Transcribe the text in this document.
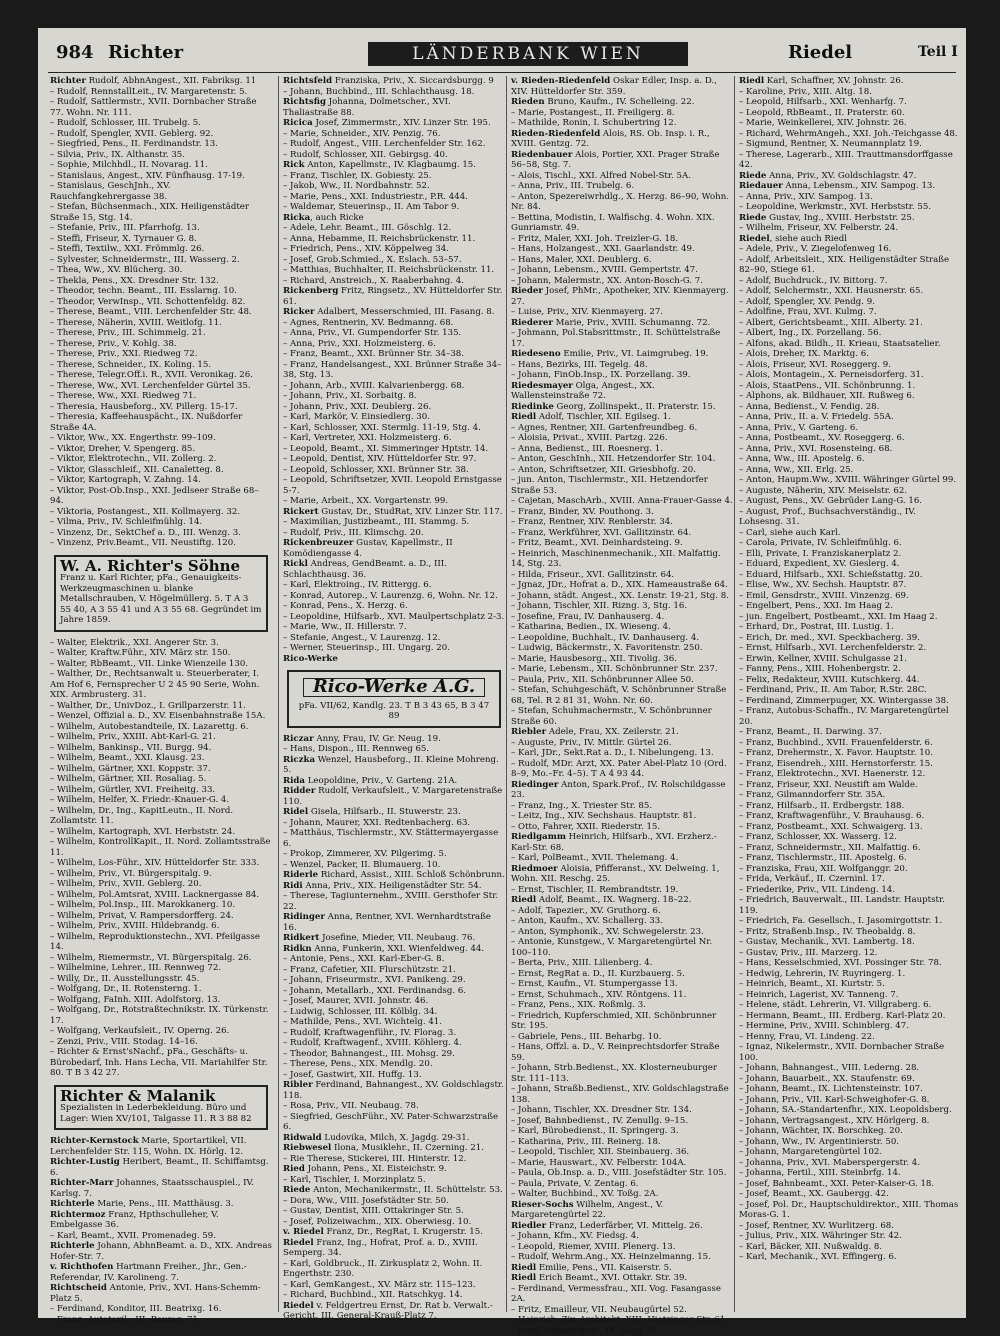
984 Richter	LÄNDERBANK WIEN	Riedel	Teil I

Richter Rudolf, AbhnAngest., XII. Fabriksg. 11

– Rudolf, RennstallLeit., IV. Margaretenstr. 5.

– Rudolf, Sattlermstr., XVII. Dornbacher Straße 77. Wohn. Nr. 111.

– Rudolf, Schlosser, III. Trubelg. 5.

– Rudolf, Spengler, XVII. Geblerg. 92.

– Siegfried, Pens., II. Ferdinandstr. 13.

– Silvia, Priv., IX. Althanstr. 35.

– Sophie, Milchhdl., II. Novarag. 11.

– Stanislaus, Angest., XIV. Fünfhausg. 17-19.

– Stanislaus, GeschJnh., XV. Rauchfangkehrergasse 38.

– Stefan, Büchsenmach., XIX. Heiligenstädter Straße 15, Stg. 14.

– Stefanie, Priv., III. Pfarrhofg. 13.

– Steffi, Friseur, X. Tyrnauer G. 8.

– Steffi, Textilw., XXI. Frömmlg. 26.

– Sylvester, Schneidermstr., III. Wasserg. 2.

– Thea, Ww., XV. Blücherg. 30.

– Thekla, Pens., XX. Dresdner Str. 132.

– Theodor, techn. Beamt., III. Esslarng. 10.

– Theodor, VerwInsp., VII. Schottenfeldg. 82.

– Therese, Beamt., VIII. Lerchenfelder Str. 48.

– Therese, Näherin, XVIII. Weitlofg. 11.

– Therese, Priv., III. Schimmelg. 21.

– Therese, Priv., V. Kohlg. 38.

– Therese, Priv., XXI. Riedweg 72.

– Therese, Schneider., IX. Koling. 15.

– Therese, Telegr.Off.i. R., XVII. Veronikag. 26.

– Therese, Ww., XVI. Lerchenfelder Gürtel 35.

– Therese, Ww., XXI. Riedweg 71.

– Theresia, Hausbeforg., XV. Pillerg. 15-17.

– Theresia, Kaffeehauspächt., IX. Nußdorfer Straße 4A.

– Viktor, Ww., XX. Engerthstr. 99–109.

– Viktor, Dreher, V. Spengerg. 85.

– Viktor, Elektrotechn., VII. Zollerg. 2.

– Viktor, Glasschleif., XII. Canaletteg. 8.

– Viktor, Kartograph, V. Zahng. 14.

– Viktor, Post-Ob.Insp., XXI. Jedlseer Straße 68–94.

– Viktoria, Postangest., XII. Kollmayerg. 32.

– Vilma, Priv., IV. Schleifmühlg. 14.

– Vinzenz, Dr., SektChef a. D., III. Wenzg. 3.

– Vinzenz, Priv.Beamt., VII. Neustiftg. 120.

W. A. Richter's Söhne
Franz u. Karl Richter, pFa., Genauigkeits-Werkzeugmaschinen u. blanke Metallschrauben, V. Högelmüllerg. 5. T A 3 55 40, A 3 55 41 und A 3 55 68. Gegründet im Jahre 1859.

– Walter, Elektrik., XXI. Angerer Str. 3.

– Walter, Kraftw.Führ., XIV. März str. 150.

– Walter, RbBeamt., VII. Linke Wienzeile 130.

– Walther, Dr., Rechtsanwalt u. Steuerberater, I. Am Hof 6, Fernsprecher U 2 45 90 Serie, Wohn. XIX. Armbrusterg. 31.

– Walther, Dr., UnivDoz., I. Grillparzerstr. 11.

– Wenzel, Offizial a. D., XV. Eisenbahnstraße 15A.

– Wilhelm, Autobestandteile, IX. Lazarettg. 6.

– Wilhelm, Priv., XXIII. Abt-Karl-G. 21.

– Wilhelm, Bankinsp., VII. Burgg. 94.

– Wilhelm, Beamt., XXI. Klausg. 23.

– Wilhelm, Gärtner, XXI. Koppstr. 37.

– Wilhelm, Gärtner, XII. Rosaliag. 5.

– Wilhelm, Gürtler, XVI. Freiheitg. 33.

– Wilhelm, Helfer, X. Friedr.-Knauer-G. 4.

– Wilhelm, Dr., Ing., KapitLeutn., II. Nord. Zollamtstr. 11.

– Wilhelm, Kartograph, XVI. Herbststr. 24.

– Wilhelm, KontrollKapit., II. Nord. Zollamtsstraße 11.

– Wilhelm, Los-Führ., XIV. Hütteldorfer Str. 333.

– Wilhelm, Priv., VI. Bürgerspitalg. 9.

– Wilhelm, Priv., XVII. Geblerg. 20.

– Wilhelm, Pol.Amtsrat, XVIII. Lacknergasse 84.

– Wilhelm, Pol.Insp., III. Marokkanerg. 10.

– Wilhelm, Privat, V. Rampersdorfferg. 24.

– Wilhelm, Priv., XVIII. Hildebrandg. 6.

– Wilhelm, Reproduktionstechn., XVI. Pfeilgasse 14.

– Wilhelm, Riemermstr., VI. Bürgerspitalg. 26.

– Wilhelmine, Lehrer., III. Rennweg 72.

– Willy, Dr., II. Ausstellungsstr. 45.

– Wolfgang, Dr., II. Rotensterng. 1.

– Wolfgang, FaInh. XIII. Adolfstorg. 13.

– Wolfgang, Dr., Rotstraßtechnikstr. IX. Türkenstr. 17.

– Wolfgang, Verkaufsleit., IV. Operng. 26.

– Zenzi, Priv., VIII. Stodag. 14–16.

– Richter & Ernst'sNachf., pFa., Geschäfts- u. Bürobedarf, Inh. Hans Lecha, VII. Mariahilfer Str. 80. T B 3 42 27.

Richter & Malanik
Spezialisten in Lederbekleidung. Büro und Lager: Wien XV/101, Talgasse 11. R 3 88 82

Richter-Kernstock Marie, Sportartikel, VII. Lerchenfelder Str. 115, Wohn. IX. Hörlg. 12.

Richter-Lustig Heribert, Beamt., II. Schiffamtsg. 6.

Richter-Marr Johannes, Staatsschauspiel., IV. Karlsg. 7.

Richterle Marie, Pens., III. Matthäusg. 3.

Richtermoz Franz, Hpthschulleher, V. Embelgasse 36.

– Karl, Beamt., XVII. Promenadeg. 59.

Richterle Johann, AbhnBeamt. a. D., XIX. Andreas Hofer-Str. 7.

v. Richthofen Hartmann Freiher., Jhr., Gen.-Referendar, IV. Karolineng. 7.

Richtscheid Antonie, Priv., XVI. Hans-Schemm-Platz 5.

– Ferdinand, Konditor, III. Beatrixg. 16.

– Franz, Autotaxil., III. Baumg. 71.

Richtsfeld Franziska, Priv., X. Siccardsburgg. 9

– Johann, Buchbind., III. Schlachthausg. 18.

Richtsfig Johanna, Dolmetscher., XVI. Thaliastraße 88.

Ricica Josef, Zimmermstr., XIV. Linzer Str. 195.

– Marie, Schneider., XIV. Penzig. 76.

– Rudolf, Angest., VIII. Lerchenfelder Str. 162.

– Rudolf, Schlosser, XII. Gebirgsg. 40.

Rick Anton, Kapellmstr., IV. Klagbaumg. 15.

– Franz, Tischler, IX. Gobiesty. 25.

– Jakob, Ww., II. Nordbahnstr. 52.

– Marie, Pens., XXI. Industriestr., P.R. 444.

– Waldemar, Steuerinsp., II. Am Tabor 9.

Ricka, auch Ricke

– Adele, Lehr. Beamt., III. Göschlg. 12.

– Anna, Hebamme, II. Reichsbrückenstr. 11.

– Friedrich, Pens., XIV. Köppelweg 34.

– Josef, Grob.Schmied., X. Eslach. 53–57.

– Matthias, Buchhalter, II. Reichsbrückenstr. 11.

– Richard, Anstreich., X. Raaberbahng. 4.

Rickenberg Fritz, Ringsetz., XV. Hütteldorfer Str. 61.

Ricker Adalbert, Messerschmied, III. Fasang. 8.

– Agnes, Rentnerin, XV. Bedmanng. 68.

– Anna, Priv., VI. Gumpendorfer Str. 135.

– Anna, Priv., XXI. Holzmeisterg. 6.

– Franz, Beamt., XXI. Brünner Str. 34–38.

– Franz, Handelsangest., XXI. Brünner Straße 34–38, Stg. 13.

– Johann, Arb., XVIII. Kalvarienbergg. 68.

– Johann, Priv., XI. Sorbaitg. 8.

– Johann, Priv., XXI. Deublerg. 26.

– Karl, Markör, V. Einsiedlerg. 30.

– Karl, Schlosser, XXI. Stermlg. 11-19, Stg. 4.

– Karl, Vertreter, XXI. Holzmeisterg. 6.

– Leopold, Beamt., XI. Simmeringer Hptstr. 14.

– Leopold, Dentist, XIV. Hütteldorfer Str. 97.

– Leopold, Schlosser, XXI. Brünner Str. 38.

– Leopold, Schriftsetzer, XVII. Leopold Ernstgasse 5-7.

– Marie, Arbeit., XX. Vorgartenstr. 99.

Rickert Gustav, Dr., StudRat, XIV. Linzer Str. 117.

– Maximilian, Justizbeamt., III. Stammg. 5.

– Rudolf, Priv., III. Klimschg. 20.

Rickenbreuzer Gustav, Kapellmstr., II Komödiengasse 4.

Rickl Andreas, GendBeamt. a. D., III. Schlachthausg. 36.

– Karl, Elektroing., IV. Rittergg. 6.

– Konrad, Autorep., V. Laurenzg. 6, Wohn. Nr. 12.

– Konrad, Pens., X. Herzg. 6.

– Leopoldine, Hilfsarb., XVI. Maulpertschplatz 2-3.

– Marie, Ww., II. Hillerstr. 7.

– Stefanie, Angest., V. Laurenzg. 12.

– Werner, Steuerinsp., III. Ungarg. 20.

Rico-Werke

Rico-Werke A.G.
pFa. VII/62, Kandlg. 23. T B 3 43 65, B 3 47 89

Riczar Anny, Frau, IV. Gr. Neug. 19.

– Hans, Dispon., III. Rennweg 65.

Riczka Wenzel, Hausbeforg., II. Kleine Mohreng. 5.

Rida Leopoldine, Priv., V. Garteng. 21A.

Ridder Rudolf, Verkaufsleit., V. Margaretenstraße 110.

Ridel Gisela, Hilfsarb., II. Stuwerstr. 23.

– Johann, Maurer, XXI. Redtenbacherg. 63.

– Matthäus, Tischlermstr., XV. Stättermayergasse 6.

– Prokop, Zimmerer, XV. Pilgerimg. 5.

– Wenzel, Packer, II. Blumauerg. 10.

Riderle Richard, Assist., XIII. Schloß Schönbrunn.

Ridi Anna, Priv., XIX. Heiligenstädter Str. 54.

– Therese, Tagiunternehm., XVIII. Gersthofer Str. 22.

Ridinger Anna, Rentner, XVI. Wernhardtstraße 16.

Ridkert Josefine, Mieder, VII. Neubaug. 76.

Ridkn Anna, Funkerin, XXI. Wienfeldweg. 44.

– Antonie, Pens., XXI. Karl-Eber-G. 8.

– Franz, Cafetier, XII. Flurschützstr. 21.

– Johann, Friseurmstr., XVI. Panikeng. 29.

– Johann, Metallarb., XXI. Ferdinandsg. 6.

– Josef, Maurer, XVII. Johnstr. 46.

– Ludwig, Schlosser, III. Kölblg. 34.

– Mathilde, Pens., XVI. Wichtelg. 41.

– Rudolf, Kraftwagenführ., IV. Florag. 3.

– Rudolf, Kraftwagenf., XVIII. Köhlerg. 4.

– Theodor, Bahnangest., III. Mohsg. 29.

– Therese, Pens., XIX. Mendlg. 20.

– Josef, Gastwirt, XII. Huffg. 13.

Ribler Ferdinand, Bahnangest., XV. Goldschlagstr. 118.

– Rosa, Priv., VII. Neubaug. 78.

– Siegfried, GeschFühr., XV. Pater-Schwarzstraße 6.

Ridwald Ludovika, Milch, X. Jagdg. 29-31.

Riebwesel Ilona, Musiklehr., II. Czerning. 21.

– Rie Therese, Stickerei, III. Hinterstr. 12.

Ried Johann, Pens., XI. Eisteichstr. 9.

– Karl, Tischler, I. Morzinplatz 5.

Riede Anton, Mechanikermstr., II. Schüttelstr. 53.

– Dora, Ww., VIII. Josefstädter Str. 50.

– Gustav, Dentist, XIII. Ottakringer Str. 5.

– Josef, Polizeiwachm., XIX. Oberwiesg. 10.

v. Riedel Franz, Dr., RegRat, I. Krugerstr. 15.

Riedel Franz, Ing., Hofrat, Prof. a. D., XVIII. Semperg. 34.

– Karl, Goldbruck., II. Zirkusplatz 2, Wohn. II. Engerthstr. 230.

– Karl, GemKangest., XV. März str. 115–123.

– Richard, Buchbind., XII. Ratschkyg. 14.

Riedel v. Feldgertreu Ernst, Dr. Rat b. Verwalt.-Gericht, III. General-Krauß-Platz 7.

v. Rieden-Riedenfeld Oskar Edler, Insp. a. D., XIV. Hütteldorfer Str. 359.

Rieden Bruno, Kaufm., IV. Schelleing. 22.

– Marie, Postangest., II. Freiligerg. 8.

– Mathilde, Ronin, I. Schubertring 12.

Rieden-Riedenfeld Alois, RS. Ob. Insp. i. R., XVIII. Gentzg. 72.

Riedenbauer Alois, Portier, XXI. Prager Straße 56–58, Stg. 7.

– Alois, Tischl., XXI. Alfred Nobel-Str. 5A.

– Anna, Priv., III. Trubelg. 6.

– Anton, Spezereiwrhdlg., X. Herzg. 86–90, Wohn. Nr. 84.

– Bettina, Modistin, I. Walfischg. 4. Wohn. XIX. Gunriamstr. 49.

– Fritz, Maler, XXI. Joh. Treizler-G. 18.

– Hans, Holzangest., XXI. Gaarlandstr. 49.

– Hans, Maler, XXI. Deublerg. 6.

– Johann, Lebensm., XVIII. Gempertstr. 47.

– Johann, Malermstr., XX. Anton-Bosch-G. 7.

Rieder Josef, PhMr., Apotheker, XIV. Kienmayerg. 27.

– Luise, Priv., XIV. Kienmayerg. 27.

Riederer Marie, Priv., XVIII. Schumanng. 72.

– Johmann, Pol.Stabsrittmstr., II. Schüttelstraße 17.

Riedeseno Emilie, Priv., VI. Laimgrubeg. 19.

– Hans, Bezirks, III. Tegelg. 48.

– Johann, FinOb.Insp., IX. Porzellang. 39.

Riedesmayer Olga, Angest., XX. Wallensteinstraße 72.

Riedinke Georg, Zollinspekt., II. Praterstr. 15.

Riedl Adolf, Tischler, XII. Egilseg. 1.

– Agnes, Rentner, XII. Gartenfreundbeg. 6.

– Aloisia, Privat., XVIII. Partzg. 226.

– Anna, Bedienst., III. Roesnerg. 1.

– Anton, GeschInh., XII. Hetzendorfer Str. 104.

– Anton, Schriftsetzer, XII. Griesbhofg. 20.

– jun. Anton, Tischlermstr., XII. Hetzendorfer Straße 53.

– Cajetan, MaschArb., XVIII. Anna-Frauer-Gasse 4.

– Franz, Binder, XV. Pouthong. 3.

– Franz, Rentner, XIV. Renblerstr. 34.

– Franz, Werkführer, XVI. Gallitzinstr. 64.

– Fritz, Beamt., XVI. Deinhardsteing. 9.

– Heinrich, Maschinenmechanik., XII. Malfattig. 14, Stg. 23.

– Hilda, Friseur., XVI. Gallitzinstr. 64.

– Jgnaz, JDr., Hofrat a. D., XIX. Hameaustraße 64.

– Johann, städt. Angest., XX. Lenstr. 19-21, Stg. 8.

– Johann, Tischler, XII. Rizng. 3, Stg. 16.

– Josefine, Frau, IV. Danhauserg. 4.

– Katharina, Bedien., IX. Wieseng. 4.

– Leopoldine, Buchhalt., IV. Danhauserg. 4.

– Ludwig, Bäckermstr., X. Favoritenstr. 250.

– Marie, Hausbesorg., XII. Tivolig. 36.

– Marie, Lebensm., XII. Schönbrunner Str. 237.

– Paula, Priv., XII. Schönbrunner Allee 50.

– Stefan, Schuhgeschäft, V. Schönbrunner Straße 68, Tel. R 2 81 31, Wohn. Nr. 60.

– Stefan, Schuhmachermstr., V. Schönbrunner Straße 60.

Riebler Adele, Frau, XX. Zeilerstr. 21.

– Auguste, Priv., IV. Mittlr. Gürtel 26.

– Karl, JDr., Sekt.Rat a. D., I. Nibelungeng. 13.

– Rudolf, MDr. Arzt, XX. Pater Abel-Platz 10 (Ord. 8–9, Mo.–Fr. 4–5). T A 4 93 44.

Riedinger Anton, Spark.Prof., IV. Rolschildgasse 23.

– Franz, Ing., X. Triester Str. 85.

– Leitz, Ing., XIV. Sechshaus. Hauptstr. 81.

– Otto, Fahrer, XXII. Riederstr. 15.

Riedlgamm Heinrich, Hilfsarb., XVI. Erzherz.-Karl-Str. 68.

– Karl, PolBeamt., XVII. Thelemang. 4.

Riedmoer Aloisia, Pfifferanst., XV. Delweing. 1, Wohn. XII. Reschg. 25.

– Ernst, Tischler, II. Rembrandtstr. 19.

Riedl Adolf, Beamt., IX. Wagnerg. 18–22.

– Adolf, Tapezier., XV. Gruthorg. 6.

– Anton, Kaufm., XV. Schallerg. 33.

– Anton, Symphonik., XV. Schwegelerstr. 23.

– Antonie, Kunstgew., V. Margaretengürtel Nr. 100–110.

– Berta, Priv., XIII. Lilienberg. 4.

– Ernst, RegRat a. D., II. Kurzbauerg. 5.

– Ernst, Kaufm., VI. Stumpergasse 13.

– Ernst, Schuhmach., XIV. Röntgens. 11.

– Franz, Pens., XIX. Roßmlg. 3.

– Friedrich, Kupferschmied, XII. Schönbrunner Str. 195.

– Gabriele, Pens., III. Beharbg. 10.

– Hans, Offzl. a. D., V. Reinprechtsdorfer Straße 59.

– Johann, Strb.Bedienst., XX. Klosterneuburger Str. 111–113.

– Johann, Straßb.Bedienst., XIV. Goldschlagstraße 138.

– Johann, Tischler, XX. Dresdner Str. 134.

– Josef, Bahnbedienst., IV. Zenullg. 9–15.

– Karl, Bürobedienst., II. Springerg. 3.

– Katharina, Priv., III. Reinerg. 18.

– Leopold, Tischler, XII. Steinbauerg. 36.

– Marie, Hauswart., XV. Felberstr. 104A.

– Paula, Ob.Insp. a. D., VIII. Josefstädter Str. 105.

– Paula, Private, V. Zentag. 6.

– Walter, Buchbind., XV. Toßg. 2A.

Rieser-Sochs Wilhelm, Angest., V. Margaretengürtel 22.

Riedler Franz, Lederfärber, VI. Mittelg. 26.

– Johann, Kfm., XV. Fiedsg. 4.

– Leopold, Riemer, XVIII. Plenerg. 13.

– Rudolf, Wehrm.Ang., XX. Heinzelmanng. 15.

Riedl Emilie, Pens., VII. Kaiserstr. 5.

Riedl Erich Beamt., XVI. Ottakr. Str. 39.

– Ferdinand, Vermessfrau., XII. Vog. Fasangasse 2A.

– Fritz, Emailleur, VII. Neubaugürtel 52.

– Heinrich, Ziv. Architekt, XIII. Hietzinger Str. 61.

– Josef, AbhnAngest., IX. Segg. 8.

Riedl Karl, Schaffner, XV. Johnstr. 26.

– Karoline, Priv., XIII. Altg. 18.

– Leopold, Hilfsarb., XXI. Wenharfg. 7.

– Leopold, RbBeamt., II. Praterstr. 60.

– Marie, Weinkellerei, XIV. Johnstr. 26.

– Richard, WehrmAngeh., XXI. Joh.-Teichgasse 48.

– Sigmund, Rentner, X. Neumannplatz 19.

– Therese, Lagerarb., XIII. Trauttmansdorffgasse 42.

Riede Anna, Priv., XV. Goldschlagstr. 47.

Riedauer Anna, Lebensm., XIV. Sampog. 13.

– Anna, Priv., XIV. Sampog. 13.

– Leopoldine, Werkmstr., XVI. Herbststr. 55.

Riede Gustav, Ing., XVIII. Herbststr. 25.

– Wilhelm, Friseur, XV. Felberstr. 24.

Riedel, siehe auch Riedl

– Adele, Priv., V. Ziegelofenweg 16.

– Adolf, Arbeitsleit., XIX. Heiligenstädter Straße 82–90, Stiege 61.

– Adolf, Buchdruck., IV. Bittorg. 7.

– Adolf, Selchermstr., XXI. Hausnerstr. 65.

– Adolf, Spengler, XV. Pendg. 9.

– Adolfine, Frau, XVI. Kulmg. 7.

– Albert, Gerichtsbeamt., XIII. Alberty. 21.

– Albert, Ing., IX. Porzellang. 56.

– Alfons, akad. Bildh., II. Krieau, Staatsatelier.

– Alois, Dreher, IX. Marktg. 6.

– Alois, Friseur, XVI. Roseggerg. 9.

– Alois, Montagein., X. Perneisdorferg. 31.

– Alois, StaatPens., VII. Schönbrunng. 1.

– Alphons, ak. Bildhauer, XII. Rußweg 6.

– Anna, Bedienst., V. Fendig. 28.

– Anna, Priv., II. a. V. Friedelg. 55A.

– Anna, Priv., V. Garteng. 6.

– Anna, Postbeamt., XV. Roseggerg. 6.

– Anna, Priv., XVI. Rosensteing. 68.

– Anna, Ww., III. Apostelg. 6.

– Anna, Ww., XII. Erlg. 25.

– Anton, Haupm.Ww., XVIII. Währinger Gürtel 99.

– Auguste, Näherin, XIV. Meiselstr. 62.

– August, Pens., XV. Gebrüder Lang-G. 16.

– August, Prof., Buchsachverständig., IV. Lohsesng. 31.

– Carl, siehe auch Karl.

– Carola, Private, IV. Schleifmühlg. 6.

– Elli, Private, I. Franziskanerplatz 2.

– Eduard, Expedient, XV. Gieslerg. 4.

– Eduard, Hilfsarb., XXI. Schießstattg. 20.

– Elise, Ww., XV. Sechsh. Hauptstr. 87.

– Emil, Gensdrstr., XVIII. Vinzenzg. 69.

– Engelbert, Pens., XXI. Im Haag 2.

– jun. Engelbert, Postbeamt., XXI. Im Haag 2.

– Erhard, Dr., Postrat, III. Lustig. 1.

– Erich, Dr. med., XVI. Speckbacherg. 39.

– Ernst, Hilfsarb., XVI. Lerchenfelderstr. 2.

– Erwin, Kellner, XVIII. Schulgasse 21.

– Fanny, Pens., XIII. Hohenbergstr. 2.

– Felix, Redakteur, XVIII. Kutschkerg. 44.

– Ferdinand, Priv., II. Am Tabor, R.Str. 28C.

– Ferdinand, Zimmerpuger, XX. Wintergasse 38.

– Franz, Autobus-Schaffn., IV. Margaretengürtel 20.

– Franz, Beamt., II. Darwing. 37.

– Franz, Buchbind., XVII. Frauenfelderstr. 6.

– Franz, Drehermstr., X. Favor. Hauptstr. 10.

– Franz, Eisendreh., XIII. Hernstorferstr. 15.

– Franz, Elektrotechn., XVI. Haenerstr. 12.

– Franz, Friseur, XXI. Neustift am Walde.

– Franz, Gilmanndorferr Str. 35A.

– Franz, Hilfsarb., II. Erdbergstr. 188.

– Franz, Kraftwagenführ., V. Brauhausg. 6.

– Franz, Postbeamt., XXI. Schwaigerg. 13.

– Franz, Schlosser, XX. Wasserg. 12.

– Franz, Schneidermstr., XII. Malfattig. 6.

– Franz, Tischlermstr., III. Apostelg. 6.

– Franziska, Frau, XII. Wolfganggr. 20.

– Frida, Verkäuf., II. Czerninl. 17.

– Friederike, Priv., VII. Lindeng. 14.

– Friedrich, Bauverwalt., III. Landstr. Hauptstr. 119.

– Friedrich, Fa. Gesellsch., I. Jasomirgottstr. 1.

– Fritz, Straßenb.Insp., IV. Theobaldg. 8.

– Gustav, Mechanik., XVI. Lambertg. 18.

– Gustav, Priv., III. Marzerg. 12.

– Hans, Kesselschmied, XVI. Possinger Str. 78.

– Hedwig, Lehrerin, IV. Ruyringerg. 1.

– Heinrich, Beamt., XI. Kurtstr. 5.

– Heinrich, Lagerist, XV. Tanneng. 7.

– Helene, städt. Lehrerin, VI. Villgraberg. 6.

– Hermann, Beamt., III. Erdberg. Karl-Platz 20.

– Hermine, Priv., XVIII. Schinblerg. 47.

– Henny, Frau, VI. Lindeng. 22.

– Ignaz, Nikelermstr., XVII. Dornbacher Straße 100.

– Johann, Bahnangest., VIII. Lederng. 28.

– Johann, Bauarbeit., XX. Staufenstr. 69.

– Johann, Beamt., IX. Lichtensteinstr. 107.

– Johann, Priv., VII. Karl-Schweighofer-G. 8.

– Johann, SA.-Standartenfhr., XIX. Leopoldsberg.

– Johann, Vertragsangest., XIV. Hörlgerg. 8.

– Johann, Wächter, IX. Borschkeg. 20.

– Johann, Ww., IV. Argentinierstr. 50.

– Johann, Margaretengürtel 102.

– Johanna, Priv., XVI. Maberspergerstr. 4.

– Johanna, Fertil., XIII. Steinbrfg. 14.

– Josef, Bahnbeamt., XXI. Peter-Kaiser-G. 18.

– Josef, Beamt., XX. Gaubergg. 42.

– Josef, Pol. Dr., Hauptschuldirektor., XIII. Thomas Moras-G. 1.

– Josef, Rentner, XV. Wurlitzerg. 68.

– Julius, Priv., XIX. Währinger Str. 42.

– Karl, Bäcker, XII. Nußwaldg. 8.

– Karl, Mechanik., XVI. Effingerg. 6.
